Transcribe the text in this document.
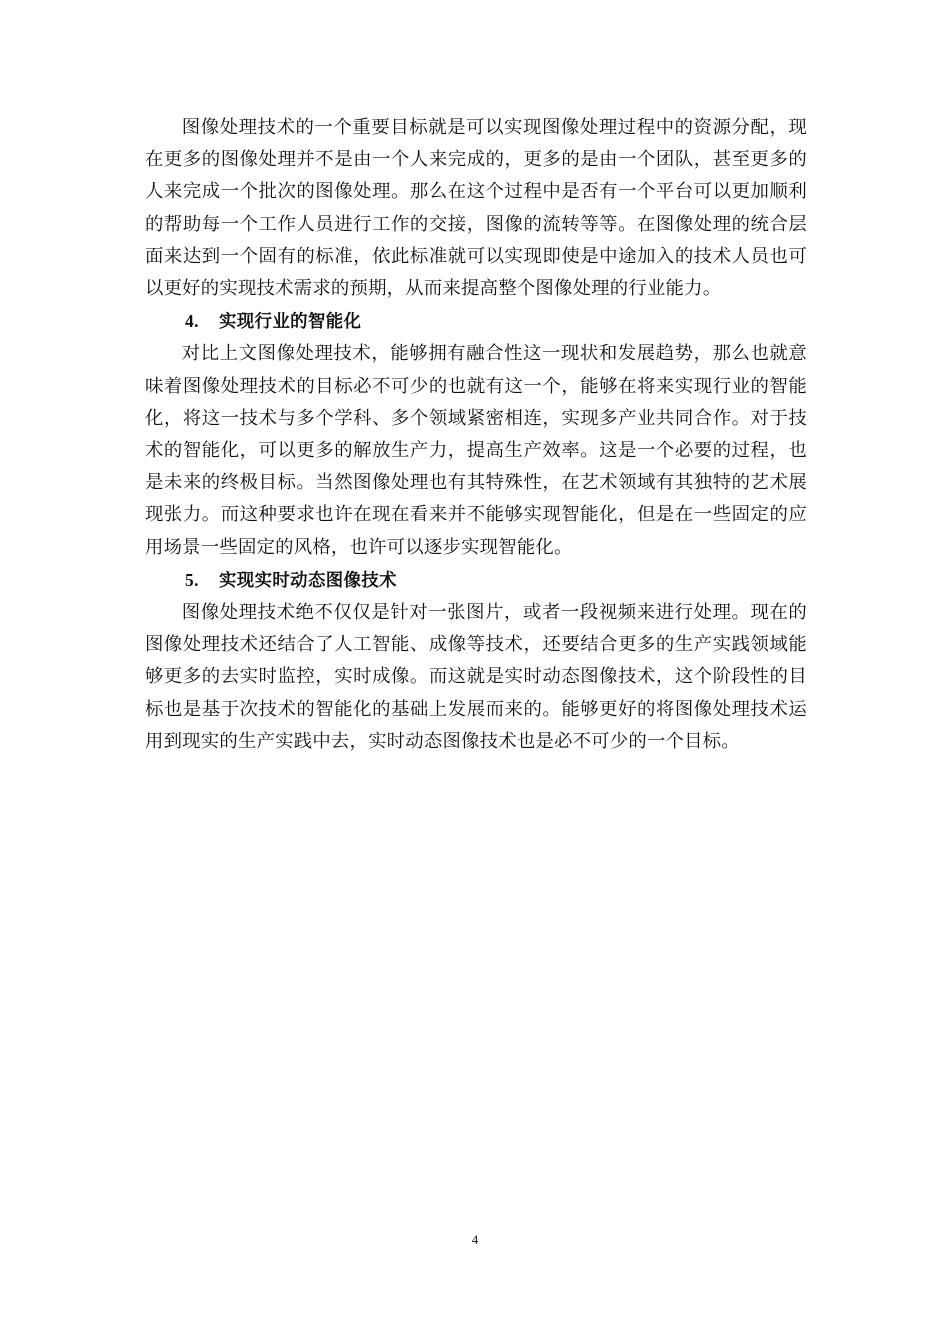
图像处理技术的一个重要目标就是可以实现图像处理过程中的资源分配，现在更多的图像处理并不是由一个人来完成的，更多的是由一个团队，甚至更多的人来完成一个批次的图像处理。那么在这个过程中是否有一个平台可以更加顺利的帮助每一个工作人员进行工作的交接，图像的流转等等。在图像处理的统合层面来达到一个固有的标准，依此标准就可以实现即使是中途加入的技术人员也可以更好的实现技术需求的预期，从而来提高整个图像处理的行业能力。

4. 实现行业的智能化

对比上文图像处理技术，能够拥有融合性这一现状和发展趋势，那么也就意味着图像处理技术的目标必不可少的也就有这一个，能够在将来实现行业的智能化，将这一技术与多个学科、多个领域紧密相连，实现多产业共同合作。对于技术的智能化，可以更多的解放生产力，提高生产效率。这是一个必要的过程，也是未来的终极目标。当然图像处理也有其特殊性，在艺术领域有其独特的艺术展现张力。而这种要求也许在现在看来并不能够实现智能化，但是在一些固定的应用场景一些固定的风格，也许可以逐步实现智能化。

5. 实现实时动态图像技术

图像处理技术绝不仅仅是针对一张图片，或者一段视频来进行处理。现在的图像处理技术还结合了人工智能、成像等技术，还要结合更多的生产实践领域能够更多的去实时监控，实时成像。而这就是实时动态图像技术，这个阶段性的目标也是基于次技术的智能化的基础上发展而来的。能够更好的将图像处理技术运用到现实的生产实践中去，实时动态图像技术也是必不可少的一个目标。

4
